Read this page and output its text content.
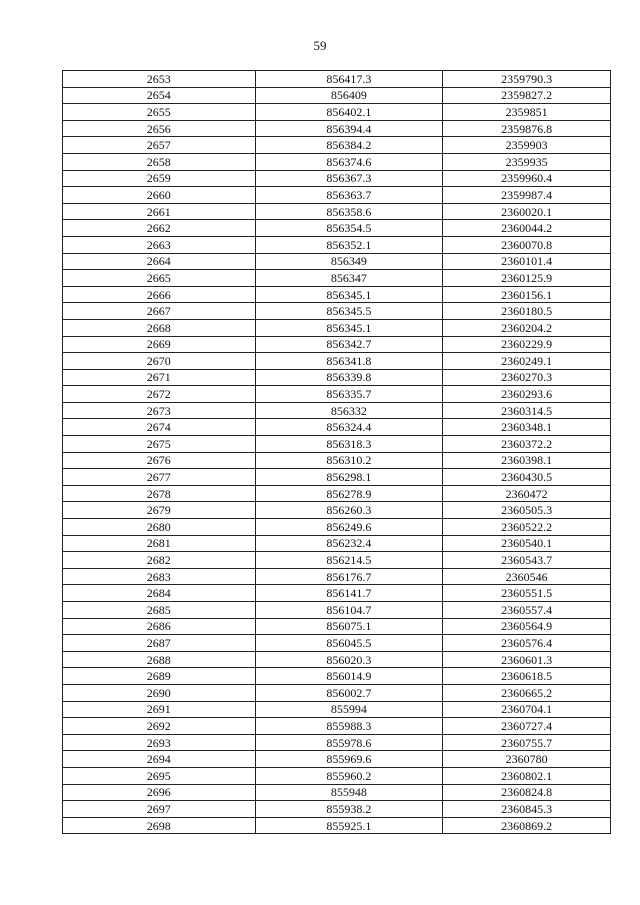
59
2653	856417.3	2359790.3
2654	856409	2359827.2
2655	856402.1	2359851
2656	856394.4	2359876.8
2657	856384.2	2359903
2658	856374.6	2359935
2659	856367.3	2359960.4
2660	856363.7	2359987.4
2661	856358.6	2360020.1
2662	856354.5	2360044.2
2663	856352.1	2360070.8
2664	856349	2360101.4
2665	856347	2360125.9
2666	856345.1	2360156.1
2667	856345.5	2360180.5
2668	856345.1	2360204.2
2669	856342.7	2360229.9
2670	856341.8	2360249.1
2671	856339.8	2360270.3
2672	856335.7	2360293.6
2673	856332	2360314.5
2674	856324.4	2360348.1
2675	856318.3	2360372.2
2676	856310.2	2360398.1
2677	856298.1	2360430.5
2678	856278.9	2360472
2679	856260.3	2360505.3
2680	856249.6	2360522.2
2681	856232.4	2360540.1
2682	856214.5	2360543.7
2683	856176.7	2360546
2684	856141.7	2360551.5
2685	856104.7	2360557.4
2686	856075.1	2360564.9
2687	856045.5	2360576.4
2688	856020.3	2360601.3
2689	856014.9	2360618.5
2690	856002.7	2360665.2
2691	855994	2360704.1
2692	855988.3	2360727.4
2693	855978.6	2360755.7
2694	855969.6	2360780
2695	855960.2	2360802.1
2696	855948	2360824.8
2697	855938.2	2360845.3
2698	855925.1	2360869.2
